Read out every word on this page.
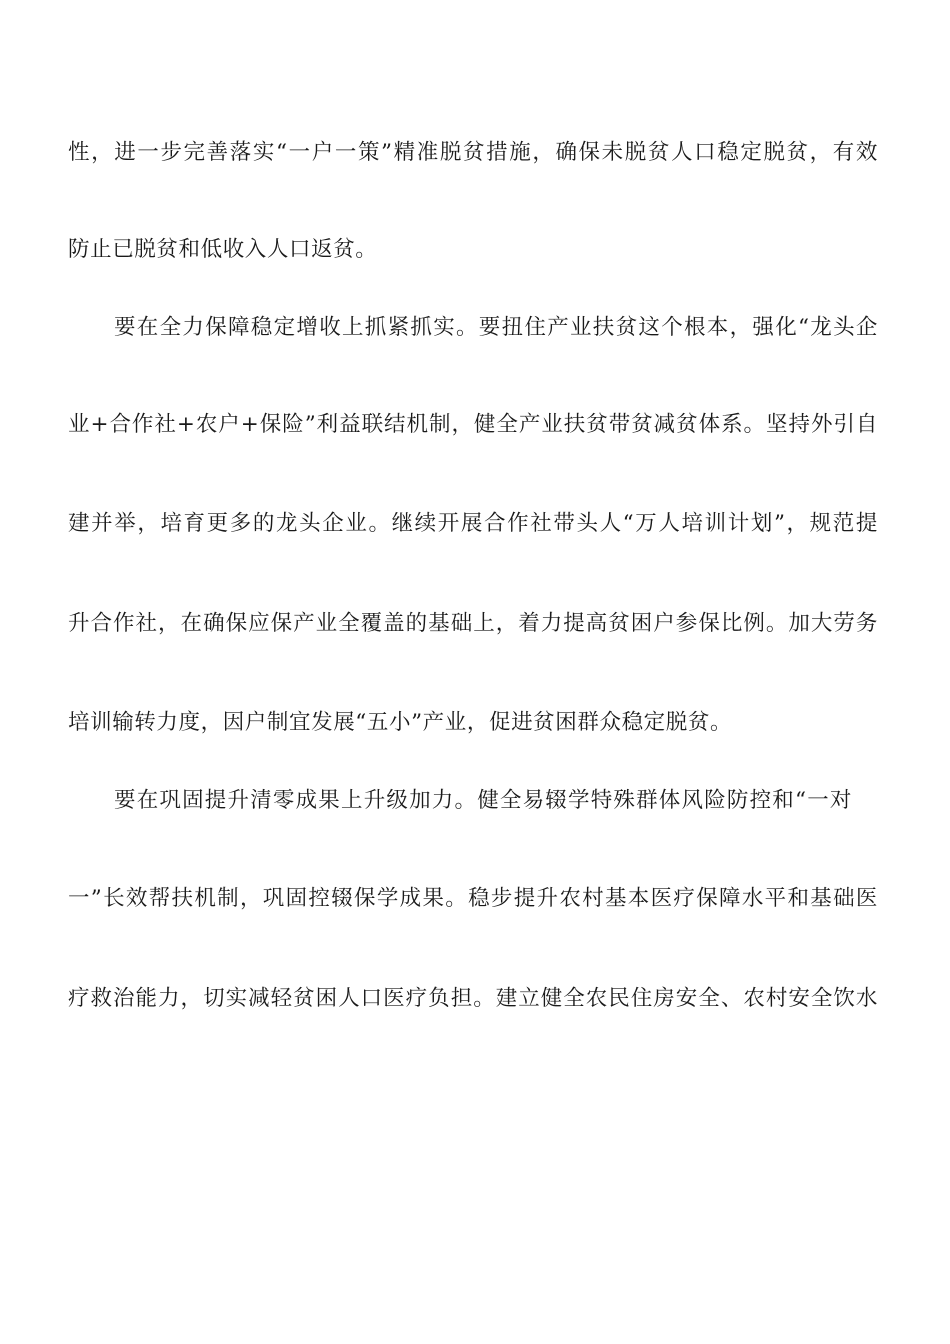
性，进一步完善落实“一户一策”精准脱贫措施，确保未脱贫人口稳定脱贫，有效
防止已脱贫和低收入人口返贫。
要在全力保障稳定增收上抓紧抓实。要扭住产业扶贫这个根本，强化“龙头企
业+合作社+农户+保险”利益联结机制，健全产业扶贫带贫减贫体系。坚持外引自
建并举，培育更多的龙头企业。继续开展合作社带头人“万人培训计划”，规范提
升合作社，在确保应保产业全覆盖的基础上，着力提高贫困户参保比例。加大劳务
培训输转力度，因户制宜发展“五小”产业，促进贫困群众稳定脱贫。
要在巩固提升清零成果上升级加力。健全易辍学特殊群体风险防控和“一对
一”长效帮扶机制，巩固控辍保学成果。稳步提升农村基本医疗保障水平和基础医
疗救治能力，切实减轻贫困人口医疗负担。建立健全农民住房安全、农村安全饮水
